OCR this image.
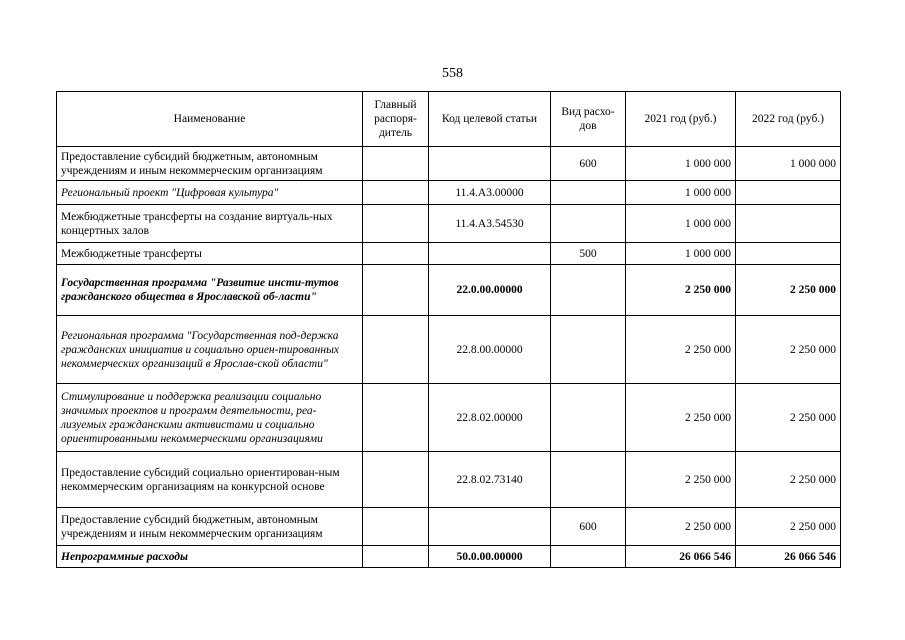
558
Наименование	Главный распоря-дитель	Код целевой статьи	Вид расхо-дов	2021 год (руб.)	2022 год (руб.)
Предоставление субсидий бюджетным, автономным учреждениям и иным некоммерческим организациям			600	1 000 000	1 000 000
Региональный проект "Цифровая культура"		11.4.А3.00000		1 000 000	
Межбюджетные трансферты на создание виртуаль-ных концертных залов		11.4.А3.54530		1 000 000	
Межбюджетные трансферты			500	1 000 000	
Государственная программа "Развитие инсти-тутов гражданского общества в Ярославской об-ласти"		22.0.00.00000		2 250 000	2 250 000
Региональная программа "Государственная под-держка гражданских инициатив и социально ориен-тированных некоммерческих организаций в Ярослав-ской области"		22.8.00.00000		2 250 000	2 250 000
Стимулирование и поддержка реализации социально значимых проектов и программ деятельности, реа-лизуемых гражданскими активистами и социально ориентированными некоммерческими организациями		22.8.02.00000		2 250 000	2 250 000
Предоставление субсидий социально ориентирован-ным некоммерческим организациям на конкурсной основе		22.8.02.73140		2 250 000	2 250 000
Предоставление субсидий бюджетным, автономным учреждениям и иным некоммерческим организациям			600	2 250 000	2 250 000
Непрограммные расходы		50.0.00.00000		26 066 546	26 066 546
